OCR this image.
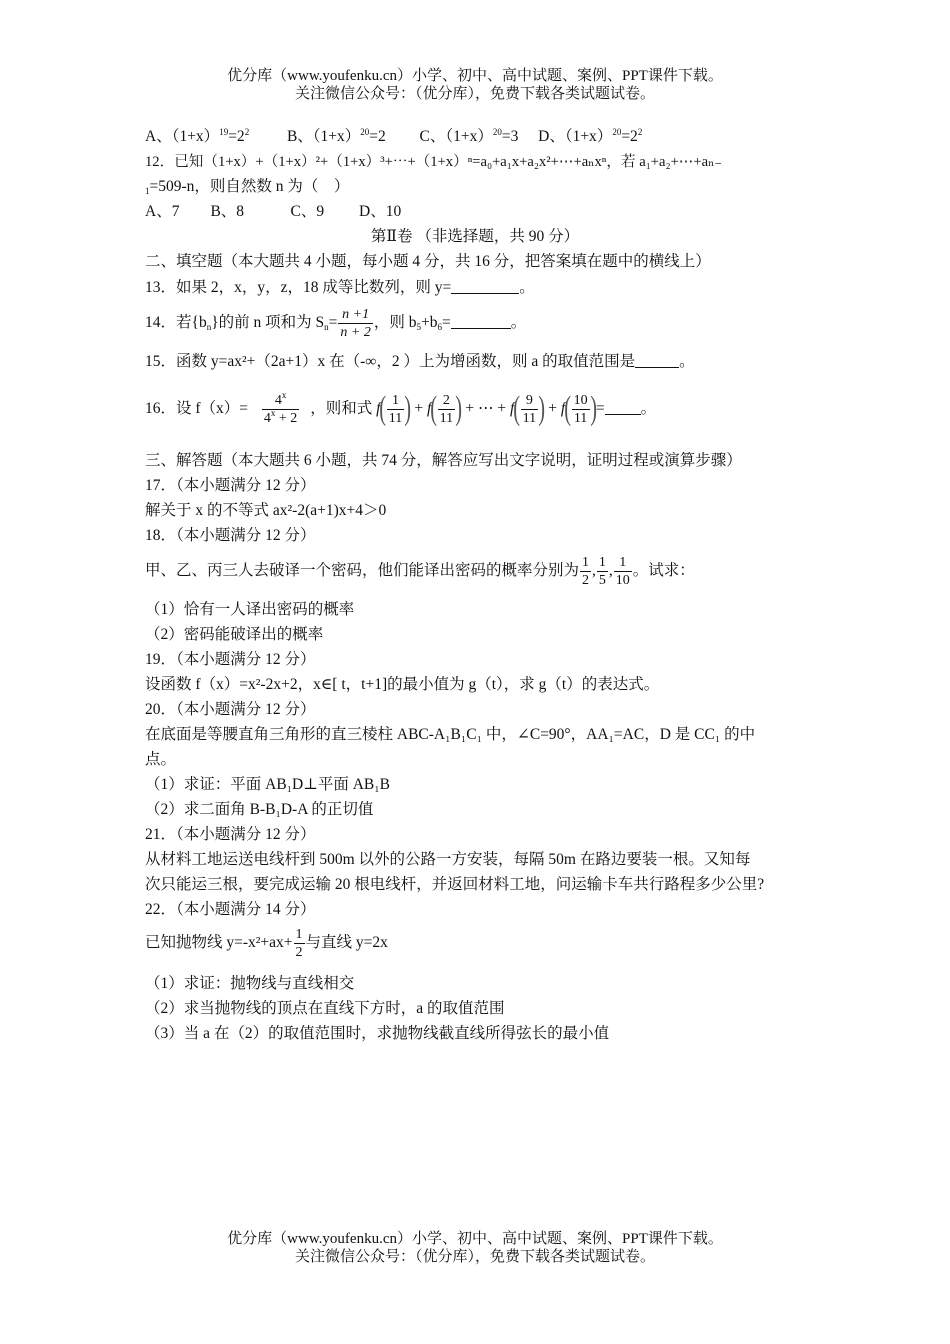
优分库（www.youfenku.cn）小学、初中、高中试题、案例、PPT课件下载。
关注微信公众号：（优分库），免费下载各类试题试卷。
A、$(1+x)^{19}=2^2$ B、$(1+x)^{20}=2$ C、$(1+x)^{20}=3$ D、$(1+x)^{20}=2^2$
12．已知（1+x）+（1+x）²+（1+x）³+⋯+（1+x）ⁿ=a₀+a₁x+a₂x²+⋯+aₙxⁿ，若 a₁+a₂+⋯+aₙ₋
$_1$=509-n，则自然数 n 为（　）
A、7　　B、8　　　C、9　　 D、10
第Ⅱ卷 （非选择题，共 90 分）
二、填空题（本大题共 4 小题，每小题 4 分，共 16 分，把答案填在题中的横线上）
13．如果 2，x，y，z，18 成等比数列，则 y=	。
14．若$\{b_n\}$的前 n 项和为 $S_n= \frac{n +1}{n + 2}$ ，则 $b_5+b_6=$	。
15．函数 y=ax²+（2a+1）x 在（-∞，2 ）上为增函数，则 a 的取值范围是	。
16．设 $f(x)= \frac{4^x}{4^x + 2}$ ，则和式 $f( \frac{1}{11}$ ) + $f( \frac{2}{11}$ ) + ⋯ + $f( \frac{9}{11}$ ) + $f( \frac{10}{11}$ )= 。
三、解答题（本大题共 6 小题，共 74 分，解答应写出文字说明，证明过程或演算步骤）
17．（本小题满分 12 分）
解关于 x 的不等式 ax²-2(a+1)x+4＞0
18．（本小题满分 12 分）
甲、乙、丙三人去破译一个密码，他们能译出密码的概率分别为 $\frac{1}{2}$ , $\frac{1}{5}$ , $\frac{1}{10}$ 。试求：
（1）恰有一人译出密码的概率
（2）密码能破译出的概率
19．（本小题满分 12 分）
设函数 f（x）=x²-2x+2，x∈[ t，t+1]的最小值为 g（t），求 g（t）的表达式。
20．（本小题满分 12 分）
在底面是等腰直角三角形的直三棱柱 ABC-A₁B₁C₁ 中，∠C=90°，AA₁=AC，D 是 CC₁ 的中
点。
（1）求证：平面 AB₁D⊥平面 AB₁B
（2）求二面角 B-B₁D-A 的正切值
21．（本小题满分 12 分）
从材料工地运送电线杆到 500m 以外的公路一方安装，每隔 50m 在路边要装一根。又知每
次只能运三根，要完成运输 20 根电线杆，并返回材料工地，问运输卡车共行路程多少公里?
22．（本小题满分 14 分）
已知抛物线 $y=-x^2+ax+ \frac{1}{2}$ 与直线 y=2x
（1）求证：抛物线与直线相交
（2）求当抛物线的顶点在直线下方时，a 的取值范围
（3）当 a 在（2）的取值范围时，求抛物线截直线所得弦长的最小值
优分库（www.youfenku.cn）小学、初中、高中试题、案例、PPT课件下载。
关注微信公众号：（优分库），免费下载各类试题试卷。
